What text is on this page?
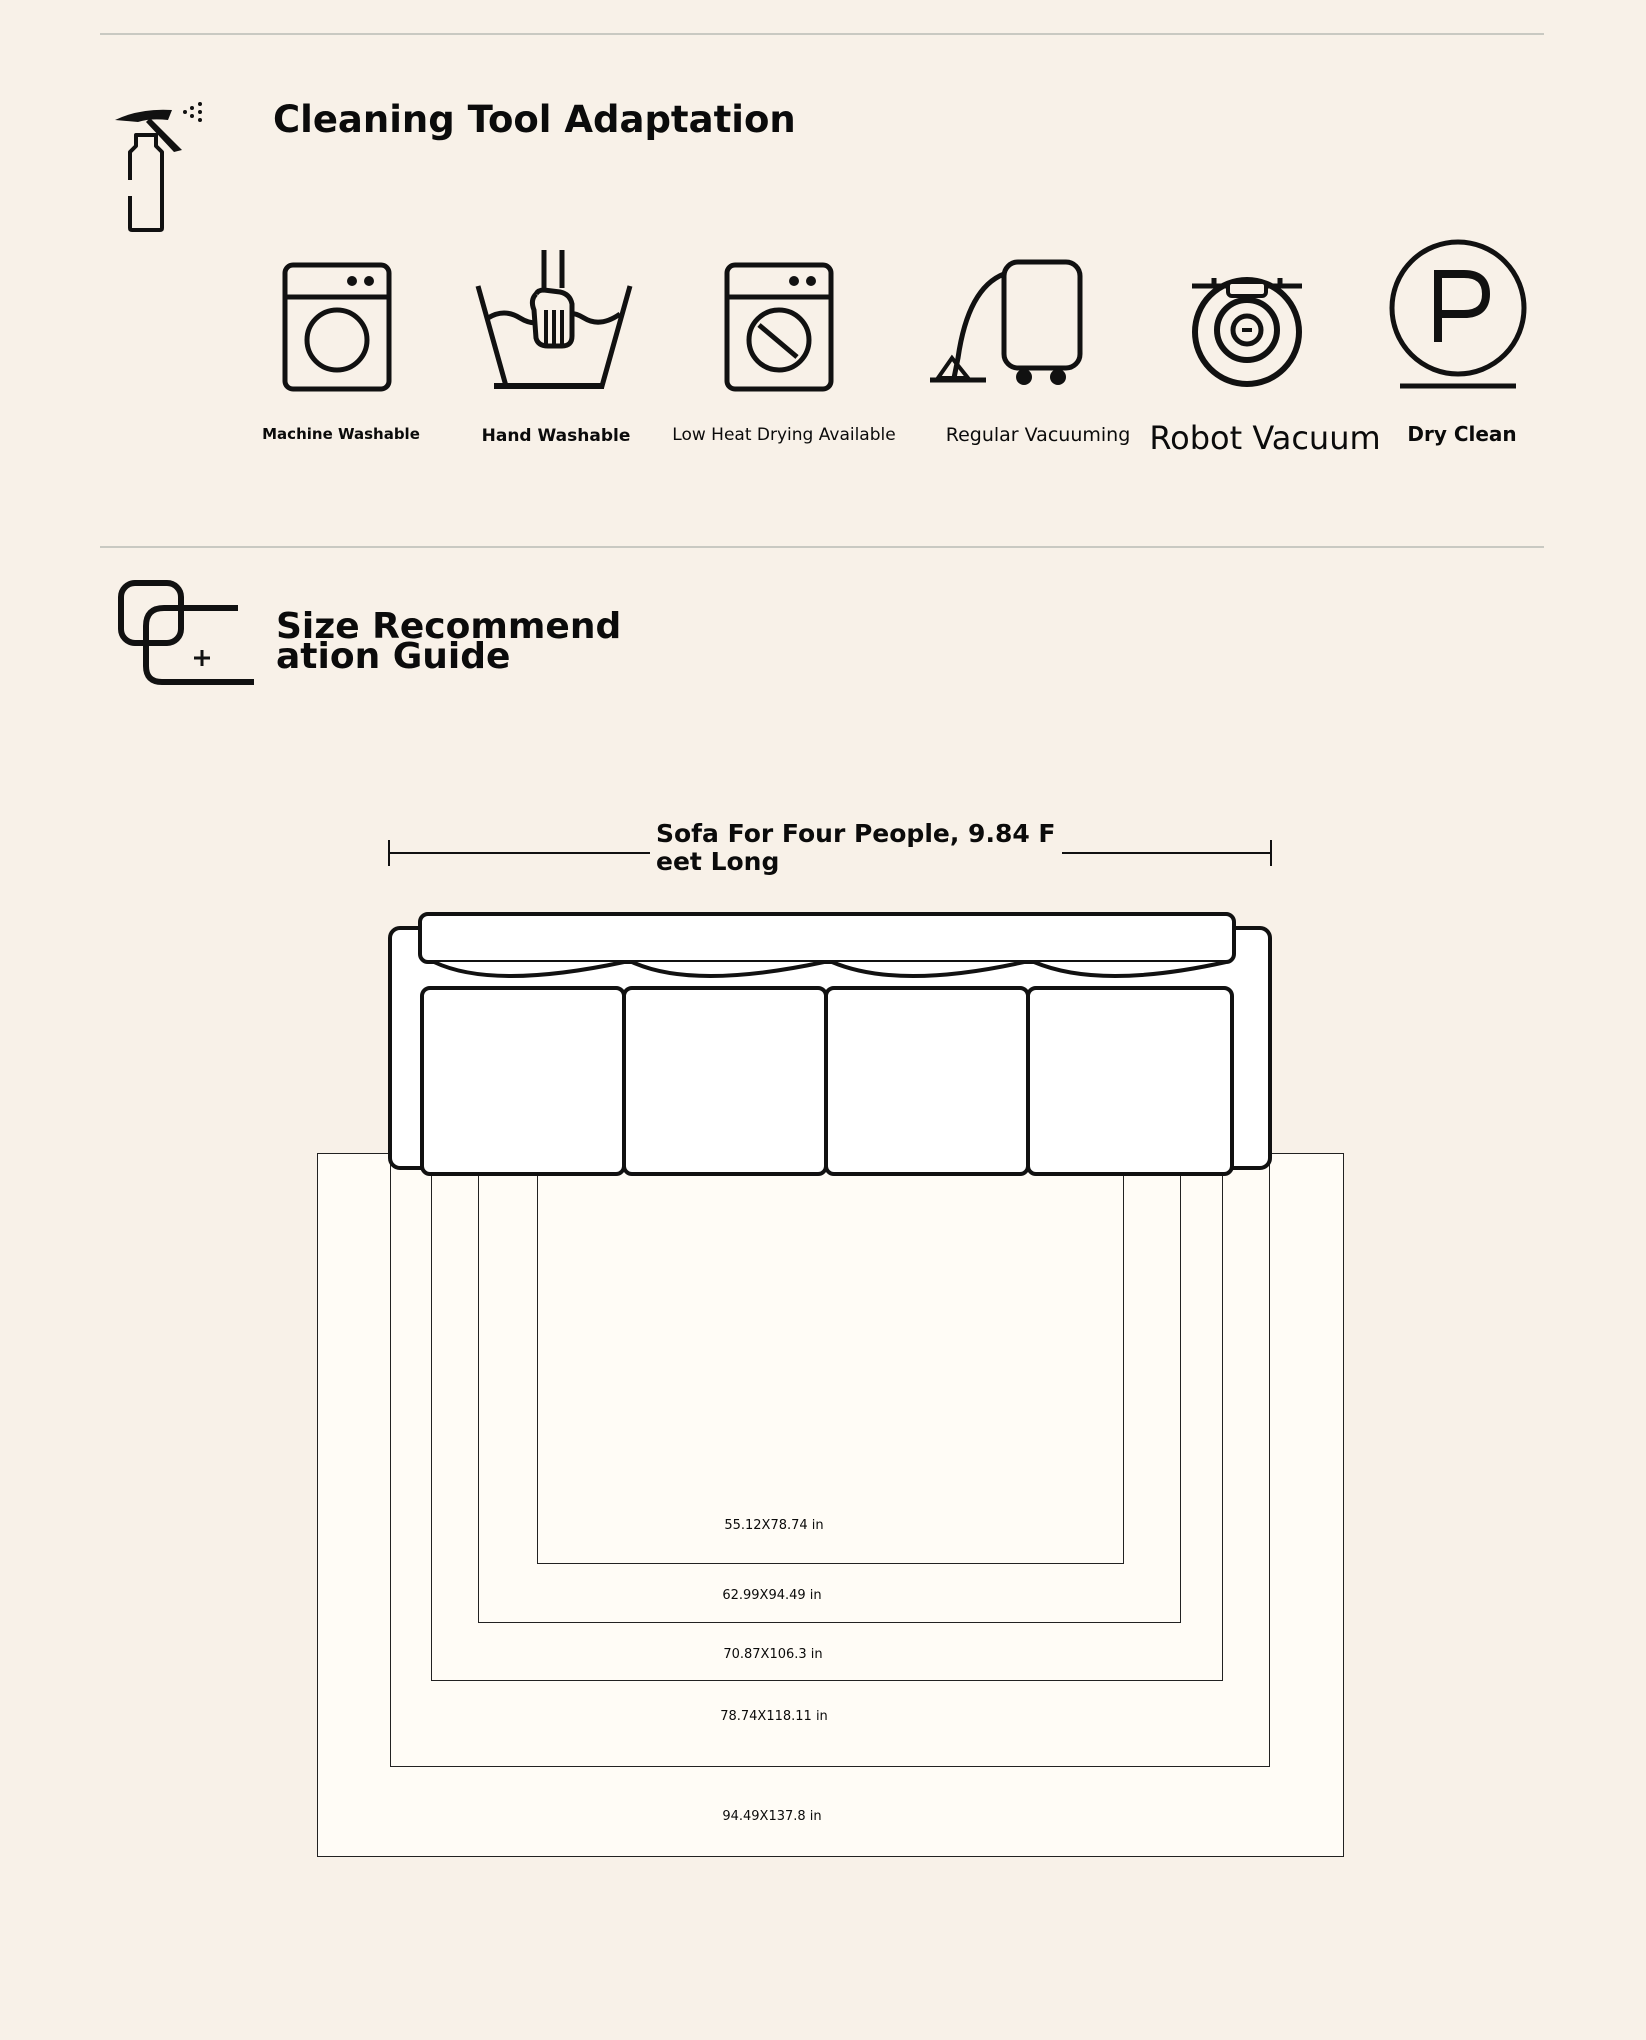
Cleaning Tool Adaptation
Machine Washable	Hand Washable Low Heat Drying Available	Regular Vacuuming Robot Vacuum Dry Clean
Size Recommend
ation Guide
Sofa For Four People, 9.84 F
eet Long
55.12X78.74 in
62.99X94.49 in
70.87X106.3 in
78.74X118.11 in
94.49X137.8 in
